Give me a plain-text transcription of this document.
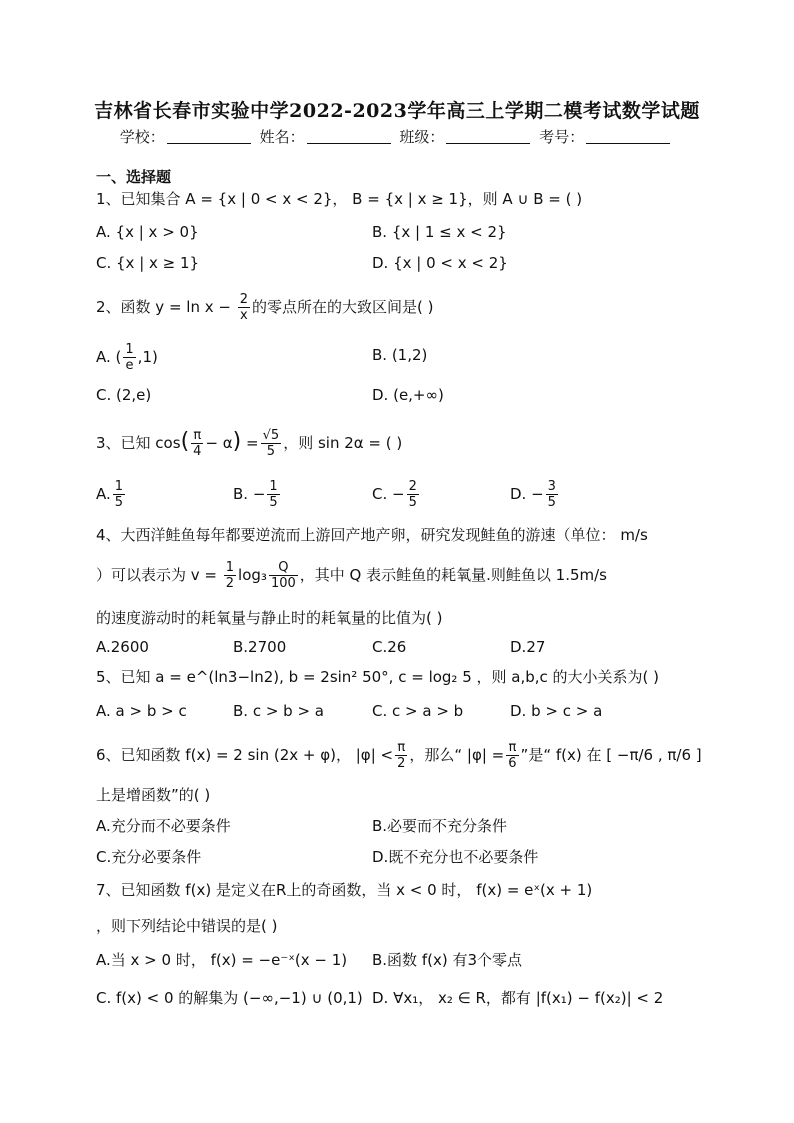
吉林省长春市实验中学2022-2023学年高三上学期二模考试数学试题
学校：	姓名：	班级：	考号：
一、选择题
1、已知集合 A = {x | 0 < x < 2}， B = {x | x ≥ 1}，则 A ∪ B = ( )
A. {x | x > 0}	B. {x | 1 ≤ x < 2}
C. {x | x ≥ 1}	D. {x | 0 < x < 2}
2、函数 $y = \ln x - \frac{2}{x}$ 的零点所在的大致区间是( )
A. ( $\frac{1}{e} ,1$)	B. (1,2)
C. (2,e)	D. (e,+∞)
3、已知 $\cos( \frac{\pi}{4} - \alpha) = \frac{√5}{5}$ ，则 sin 2α = ( )
A. $\frac{1}{5}$	B. − $\frac{1}{5}$	C. − $\frac{2}{5}$	D. − $\frac{3}{5}$
4、大西洋鲑鱼每年都要逆流而上游回产地产卵，研究发现鲑鱼的游速（单位： m/s
）可以表示为 $v = \frac{1}{2} \log_3 \frac{Q}{100}$ ，其中 Q 表示鲑鱼的耗氧量.则鲑鱼以 1.5m/s
的速度游动时的耗氧量与静止时的耗氧量的比值为( )
A.2600	B.2700	C.26	D.27
5、已知 a = e^(ln3−ln2), b = 2sin² 50°, c = log₂ 5 ，则 a,b,c 的大小关系为( )
A. a > b > c	B. c > b > a	C. c > a > b	D. b > c > a
6、已知函数 f(x) = 2 sin (2x + φ)， $|\varphi| < \frac{\pi}{2}$ ，那么“ $|\varphi| = \frac{\pi}{6}$ ”是“ f(x) 在 [ −π/6 , π/6 ]
上是增函数”的( )
A.充分而不必要条件	B.必要而不充分条件
C.充分必要条件	D.既不充分也不必要条件
7、已知函数 f(x) 是定义在R上的奇函数，当 x < 0 时， f(x) = eˣ(x + 1)
，则下列结论中错误的是( )
A.当 x > 0 时， f(x) = −e⁻ˣ(x − 1) B.函数 f(x) 有3个零点
C. f(x) < 0 的解集为 (−∞,−1) ∪ (0,1) D. ∀x₁， x₂ ∈ R，都有 |f(x₁) − f(x₂)| < 2
